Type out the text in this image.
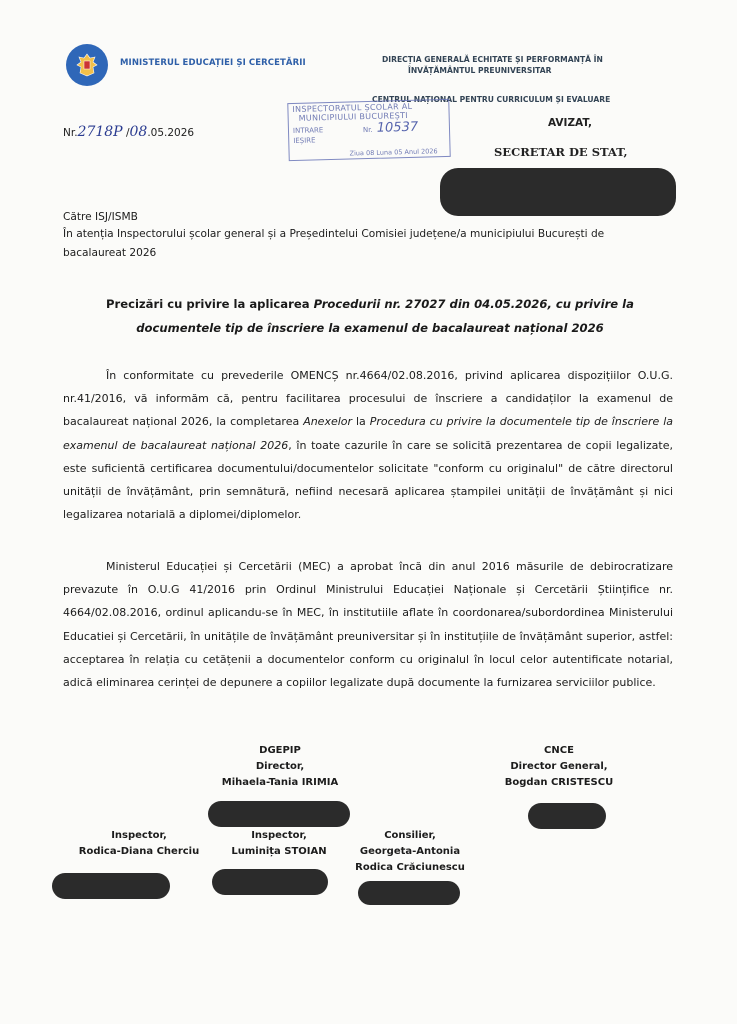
MINISTERUL EDUCAȚIEI ȘI CERCETĂRII	DIRECȚIA GENERALĂ ECHITATE ȘI PERFORMANȚĂ ÎN
ÎNVĂȚĂMÂNTUL PREUNIVERSITAR
CENTRUL NAȚIONAL PENTRU CURRICULUM ȘI EVALUARE
INSPECTORATUL ȘCOLAR AL
MUNICIPIULUI BUCUREȘTI
INTRARE
IEȘIRE
Nr. 10537
Ziua 08 Luna 05 Anul 2026
Nr.2718P /08.05.2026
AVIZAT,
SECRETAR DE STAT,
Către ISJ/ISMB
În atenția Inspectorului școlar general și a Președintelui Comisiei județene/a municipiului București de
bacalaureat 2026
Precizări cu privire la aplicarea Procedurii nr. 27027 din 04.05.2026, cu privire la
documentele tip de înscriere la examenul de bacalaureat național 2026
În conformitate cu prevederile OMENCȘ nr.4664/02.08.2016, privind aplicarea dispozițiilor O.U.G. nr.41/2016, vă informăm că, pentru facilitarea procesului de înscriere a candidaților la examenul de bacalaureat național 2026, la completarea Anexelor la Procedura cu privire la documentele tip de înscriere la examenul de bacalaureat național 2026, în toate cazurile în care se solicită prezentarea de copii legalizate, este suficientă certificarea documentului/documentelor solicitate "conform cu originalul" de către directorul unității de învățământ, prin semnătură, nefiind necesară aplicarea ștampilei unității de învățământ și nici legalizarea notarială a diplomei/diplomelor.
Ministerul Educației și Cercetării (MEC) a aprobat încă din anul 2016 măsurile de debirocratizare prevazute în O.U.G 41/2016 prin Ordinul Ministrului Educației Naționale și Cercetării Științifice nr. 4664/02.08.2016, ordinul aplicandu-se în MEC, în institutiile aflate în coordonarea/subordordinea Ministerului Educatiei și Cercetării, în unitățile de învățământ preuniversitar și în instituțiile de învățământ superior, astfel: acceptarea în relația cu cetățenii a documentelor conform cu originalul în locul celor autentificate notarial, adică eliminarea cerinței de depunere a copiilor legalizate după documente la furnizarea serviciilor publice.
DGEPIP
Director,
Mihaela-Tania IRIMIA
CNCE
Director General,
Bogdan CRISTESCU
Inspector,
Rodica-Diana Cherciu
Inspector,
Luminița STOIAN
Consilier,
Georgeta-Antonia
Rodica Crăciunescu
